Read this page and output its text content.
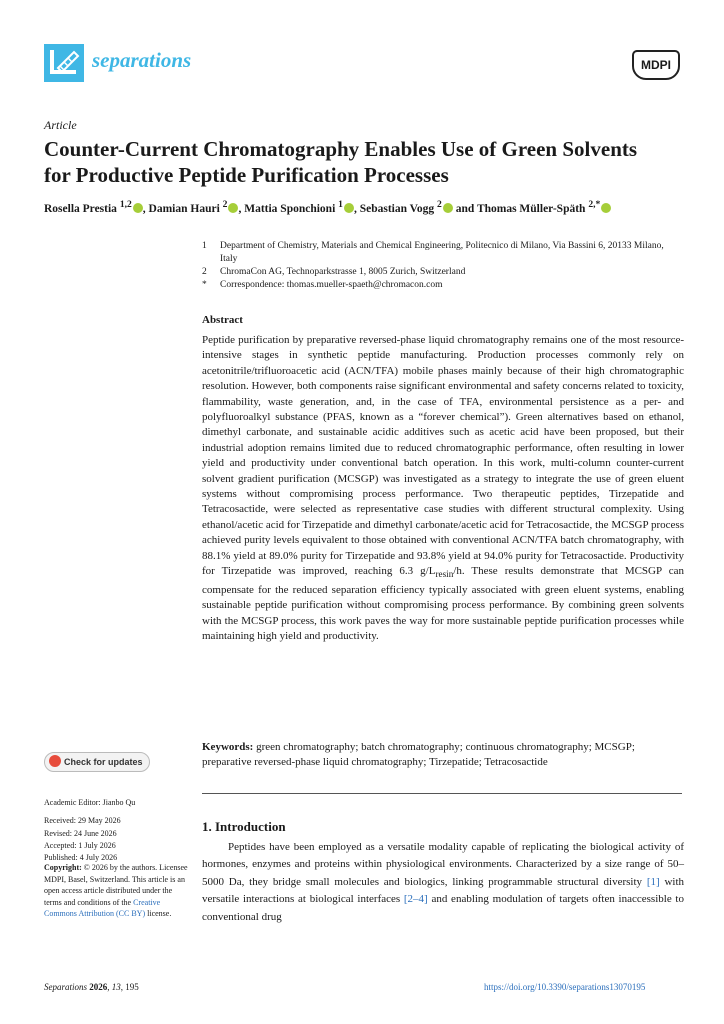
separations	MDPI
Article
Counter-Current Chromatography Enables Use of Green Solvents for Productive Peptide Purification Processes
Rosella Prestia $^{1,2}$ , Damian Hauri $^2$ , Mattia Sponchioni $^1$ , Sebastian Vogg $^2$ and Thomas Müller-Späth $^{2,*}$
1 Department of Chemistry, Materials and Chemical Engineering, Politecnico di Milano, Via Bassini 6, 20133 Milano, Italy
2 ChromaCon AG, Technoparkstrasse 1, 8005 Zurich, Switzerland
* Correspondence: thomas.mueller-spaeth@chromacon.com
Abstract
Peptide purification by preparative reversed-phase liquid chromatography remains one of the most resource-intensive stages in synthetic peptide manufacturing. Production processes commonly rely on acetonitrile/trifluoroacetic acid (ACN/TFA) mobile phases mainly because of their high chromatographic resolution. However, both components raise significant environmental and safety concerns related to toxicity, flammability, waste generation, and, in the case of TFA, environmental persistence as a per- and polyfluoroalkyl substance (PFAS, known as a “forever chemical”). Green alternatives based on ethanol, dimethyl carbonate, and sustainable acidic additives such as acetic acid have been proposed, but their industrial adoption remains limited due to reduced chromatographic performance, often resulting in lower yield and productivity under conventional batch operation. In this work, multi-column counter-current solvent gradient purification (MCSGP) was investigated as a strategy to integrate the use of green eluent systems without compromising process performance. Two therapeutic peptides, Tirzepatide and Tetracosactide, were selected as representative case studies with different structural complexity. Using ethanol/acetic acid for Tirzepatide and dimethyl carbonate/acetic acid for Tetracosactide, the MCSGP process achieved purity levels equivalent to those obtained with conventional ACN/TFA batch chromatography, with 88.1% yield at 89.0% purity for Tirzepatide and 93.8% yield at 94.0% purity for Tetracosactide. Productivity for Tirzepatide was improved, reaching 6.3 $g/L_{resin}/h$. These results demonstrate that MCSGP can compensate for the reduced separation efficiency typically associated with green eluent systems, enabling sustainable peptide purification without compromising process performance. By combining green solvents with the MCSGP process, this work paves the way for more sustainable peptide purification processes while maintaining high yield and productivity.
Keywords: green chromatography; batch chromatography; continuous chromatography; MCSGP; preparative reversed-phase liquid chromatography; Tirzepatide; Tetracosactide
Check for updates
Academic Editor: Jianbo Qu
Received: 29 May 2026
Revised: 24 June 2026
Accepted: 1 July 2026
Published: 4 July 2026
Copyright: © 2026 by the authors. Licensee MDPI, Basel, Switzerland. This article is an open access article distributed under the terms and conditions of the Creative Commons Attribution (CC BY) license.
1. Introduction
Peptides have been employed as a versatile modality capable of replicating the biological activity of hormones, enzymes and proteins within physiological environments. Characterized by a size range of 50–5000 Da, they bridge small molecules and biologics, linking programmable structural diversity [1] with versatile interactions at biological interfaces [2–4] and enabling modulation of targets often inaccessible to conventional drug
Separations 2026, 13, 195	https://doi.org/10.3390/separations13070195
